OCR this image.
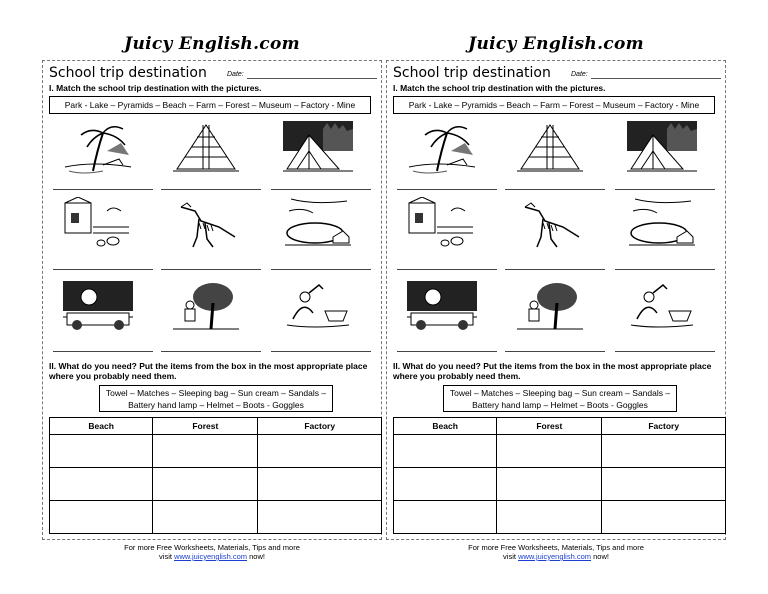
Juicy English.com
School trip destination	Date:
I. Match the school trip destination with the pictures.
Park - Lake – Pyramids – Beach – Farm – Forest – Museum – Factory - Mine
II. What do you need? Put the items from the box in the most appropriate place
where you probably need them.
Towel – Matches – Sleeping bag – Sun cream – Sandals –
Battery hand lamp – Helmet – Boots - Goggles
Beach	Forest	Factory

For more Free Worksheets, Materials, Tips and more
visit www.juicyenglish.com now!
Juicy English.com
School trip destination	Date:
I. Match the school trip destination with the pictures.
Park - Lake – Pyramids – Beach – Farm – Forest – Museum – Factory - Mine
II. What do you need? Put the items from the box in the most appropriate place
where you probably need them.
Towel – Matches – Sleeping bag – Sun cream – Sandals –
Battery hand lamp – Helmet – Boots - Goggles
Beach	Forest	Factory

For more Free Worksheets, Materials, Tips and more
visit www.juicyenglish.com now!
